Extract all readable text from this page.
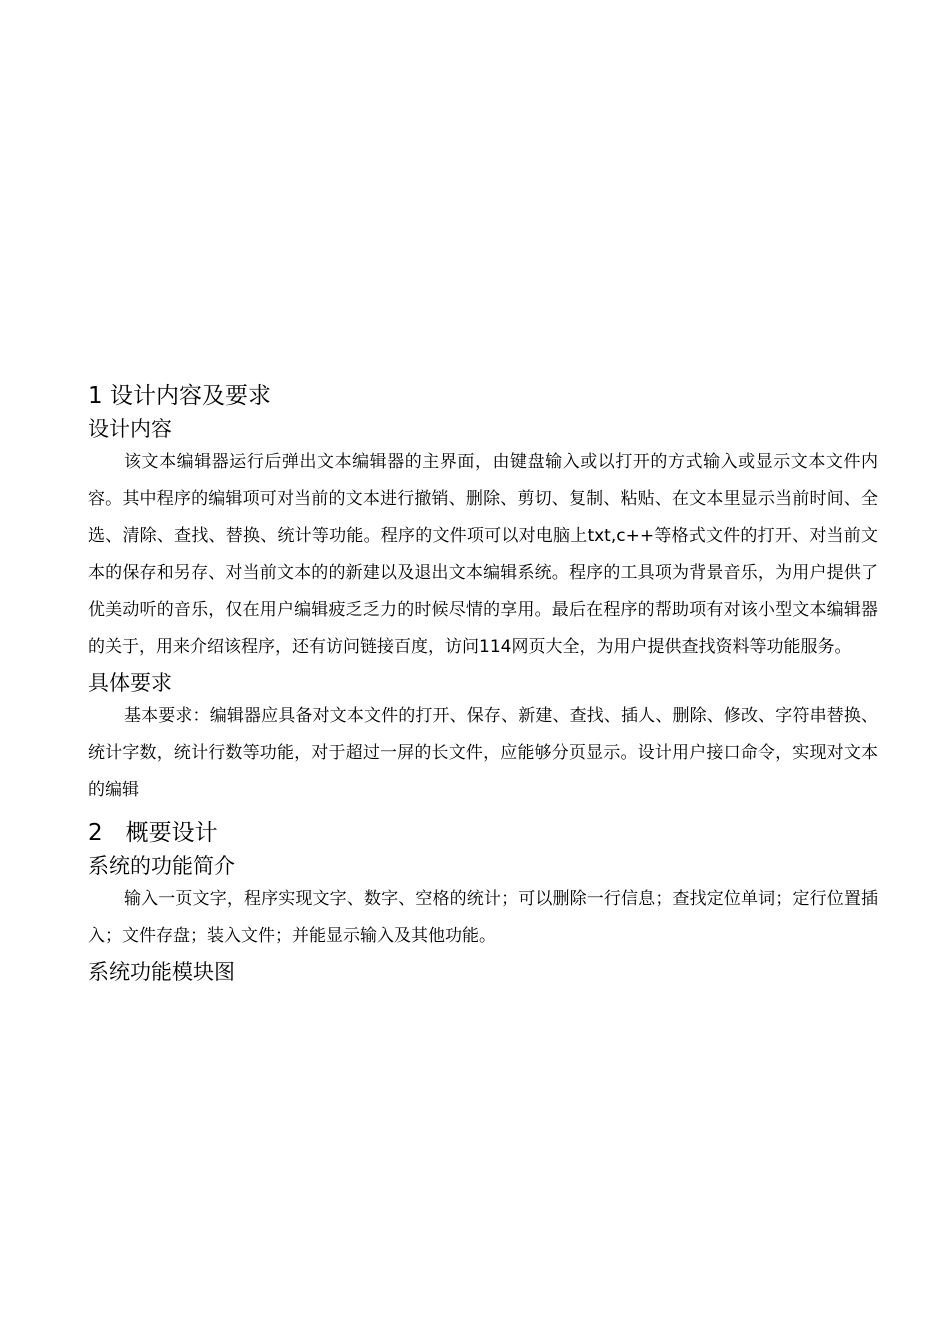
1 设计内容及要求
设计内容

该文本编辑器运行后弹出文本编辑器的主界面，由键盘输入或以打开的方式输入或显示文本文件内容。其中程序的编辑项可对当前的文本进行撤销、删除、剪切、复制、粘贴、在文本里显示当前时间、全选、清除、查找、替换、统计等功能。程序的文件项可以对电脑上txt,c++等格式文件的打开、对当前文本的保存和另存、对当前文本的的新建以及退出文本编辑系统。程序的工具项为背景音乐，为用户提供了优美动听的音乐，仅在用户编辑疲乏乏力的时候尽情的享用。最后在程序的帮助项有对该小型文本编辑器的关于，用来介绍该程序，还有访问链接百度，访问114网页大全，为用户提供查找资料等功能服务。

具体要求

基本要求：编辑器应具备对文本文件的打开、保存、新建、查找、插人、删除、修改、字符串替换、统计字数，统计行数等功能，对于超过一屏的长文件，应能够分页显示。设计用户接口命令，实现对文本的编辑

2　概要设计
系统的功能简介

输入一页文字，程序实现文字、数字、空格的统计；可以删除一行信息；查找定位单词；定行位置插入；文件存盘；装入文件；并能显示输入及其他功能。

系统功能模块图
